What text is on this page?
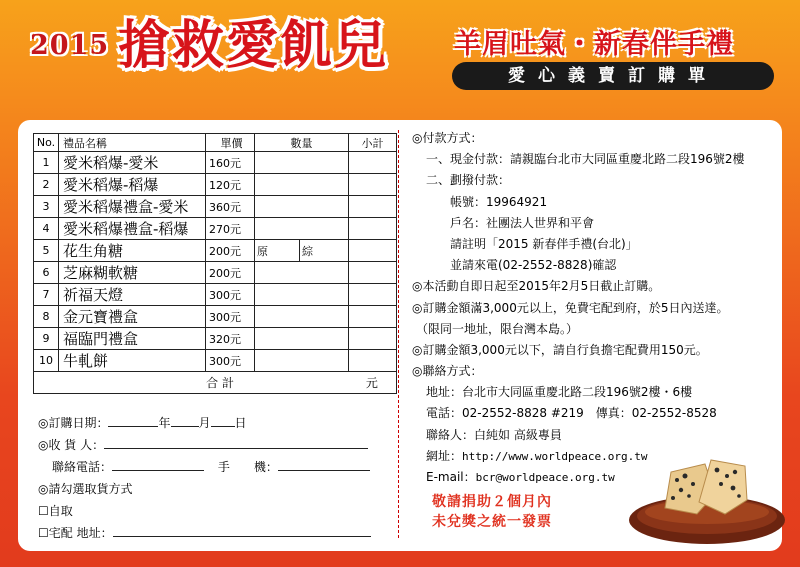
2015 搶救愛飢兒 羊眉吐氣・新春伴手禮
愛心義賣訂購單
No.	禮品名稱	單價	數量		小計
1	愛米稻爆-愛米	160元			
2	愛米稻爆-稻爆	120元			
3	愛米稻爆禮盒-愛米	360元			
4	愛米稻爆禮盒-稻爆	270元			
5	花生角糖	200元	原	綜	
6	芝麻糊軟糖	200元			
7	祈福天燈	300元			
8	金元寶禮盒	300元			
9	福臨門禮盒	320元			
10	牛軋餅	300元			
合 計 元					
◎訂購日期：	年 月 日
◎收 貨 人：
聯絡電話：	手　　機：
◎請勾選取貨方式
☐自取
☐宅配 地址：
◎付款方式：
一、現金付款：請親臨台北市大同區重慶北路二段196號2樓
二、劃撥付款：
帳號：19964921
戶名：社團法人世界和平會
請註明「2015 新春伴手禮(台北)」
並請來電(02-2552-8828)確認
◎本活動自即日起至2015年2月5日截止訂購。
◎訂購金額滿3,000元以上，免費宅配到府，於5日內送達。
（限同一地址，限台灣本島。）
◎訂購金額3,000元以下，請自行負擔宅配費用150元。
◎聯絡方式：
地址：台北市大同區重慶北路二段196號2樓・6樓
電話：02-2552-8828 #219　傳真：02-2552-8528
聯絡人：白純如 高級專員
網址：http://www.worldpeace.org.tw
E-mail：bcr@worldpeace.org.tw
敬請捐助２個月內
未兌獎之統一發票
